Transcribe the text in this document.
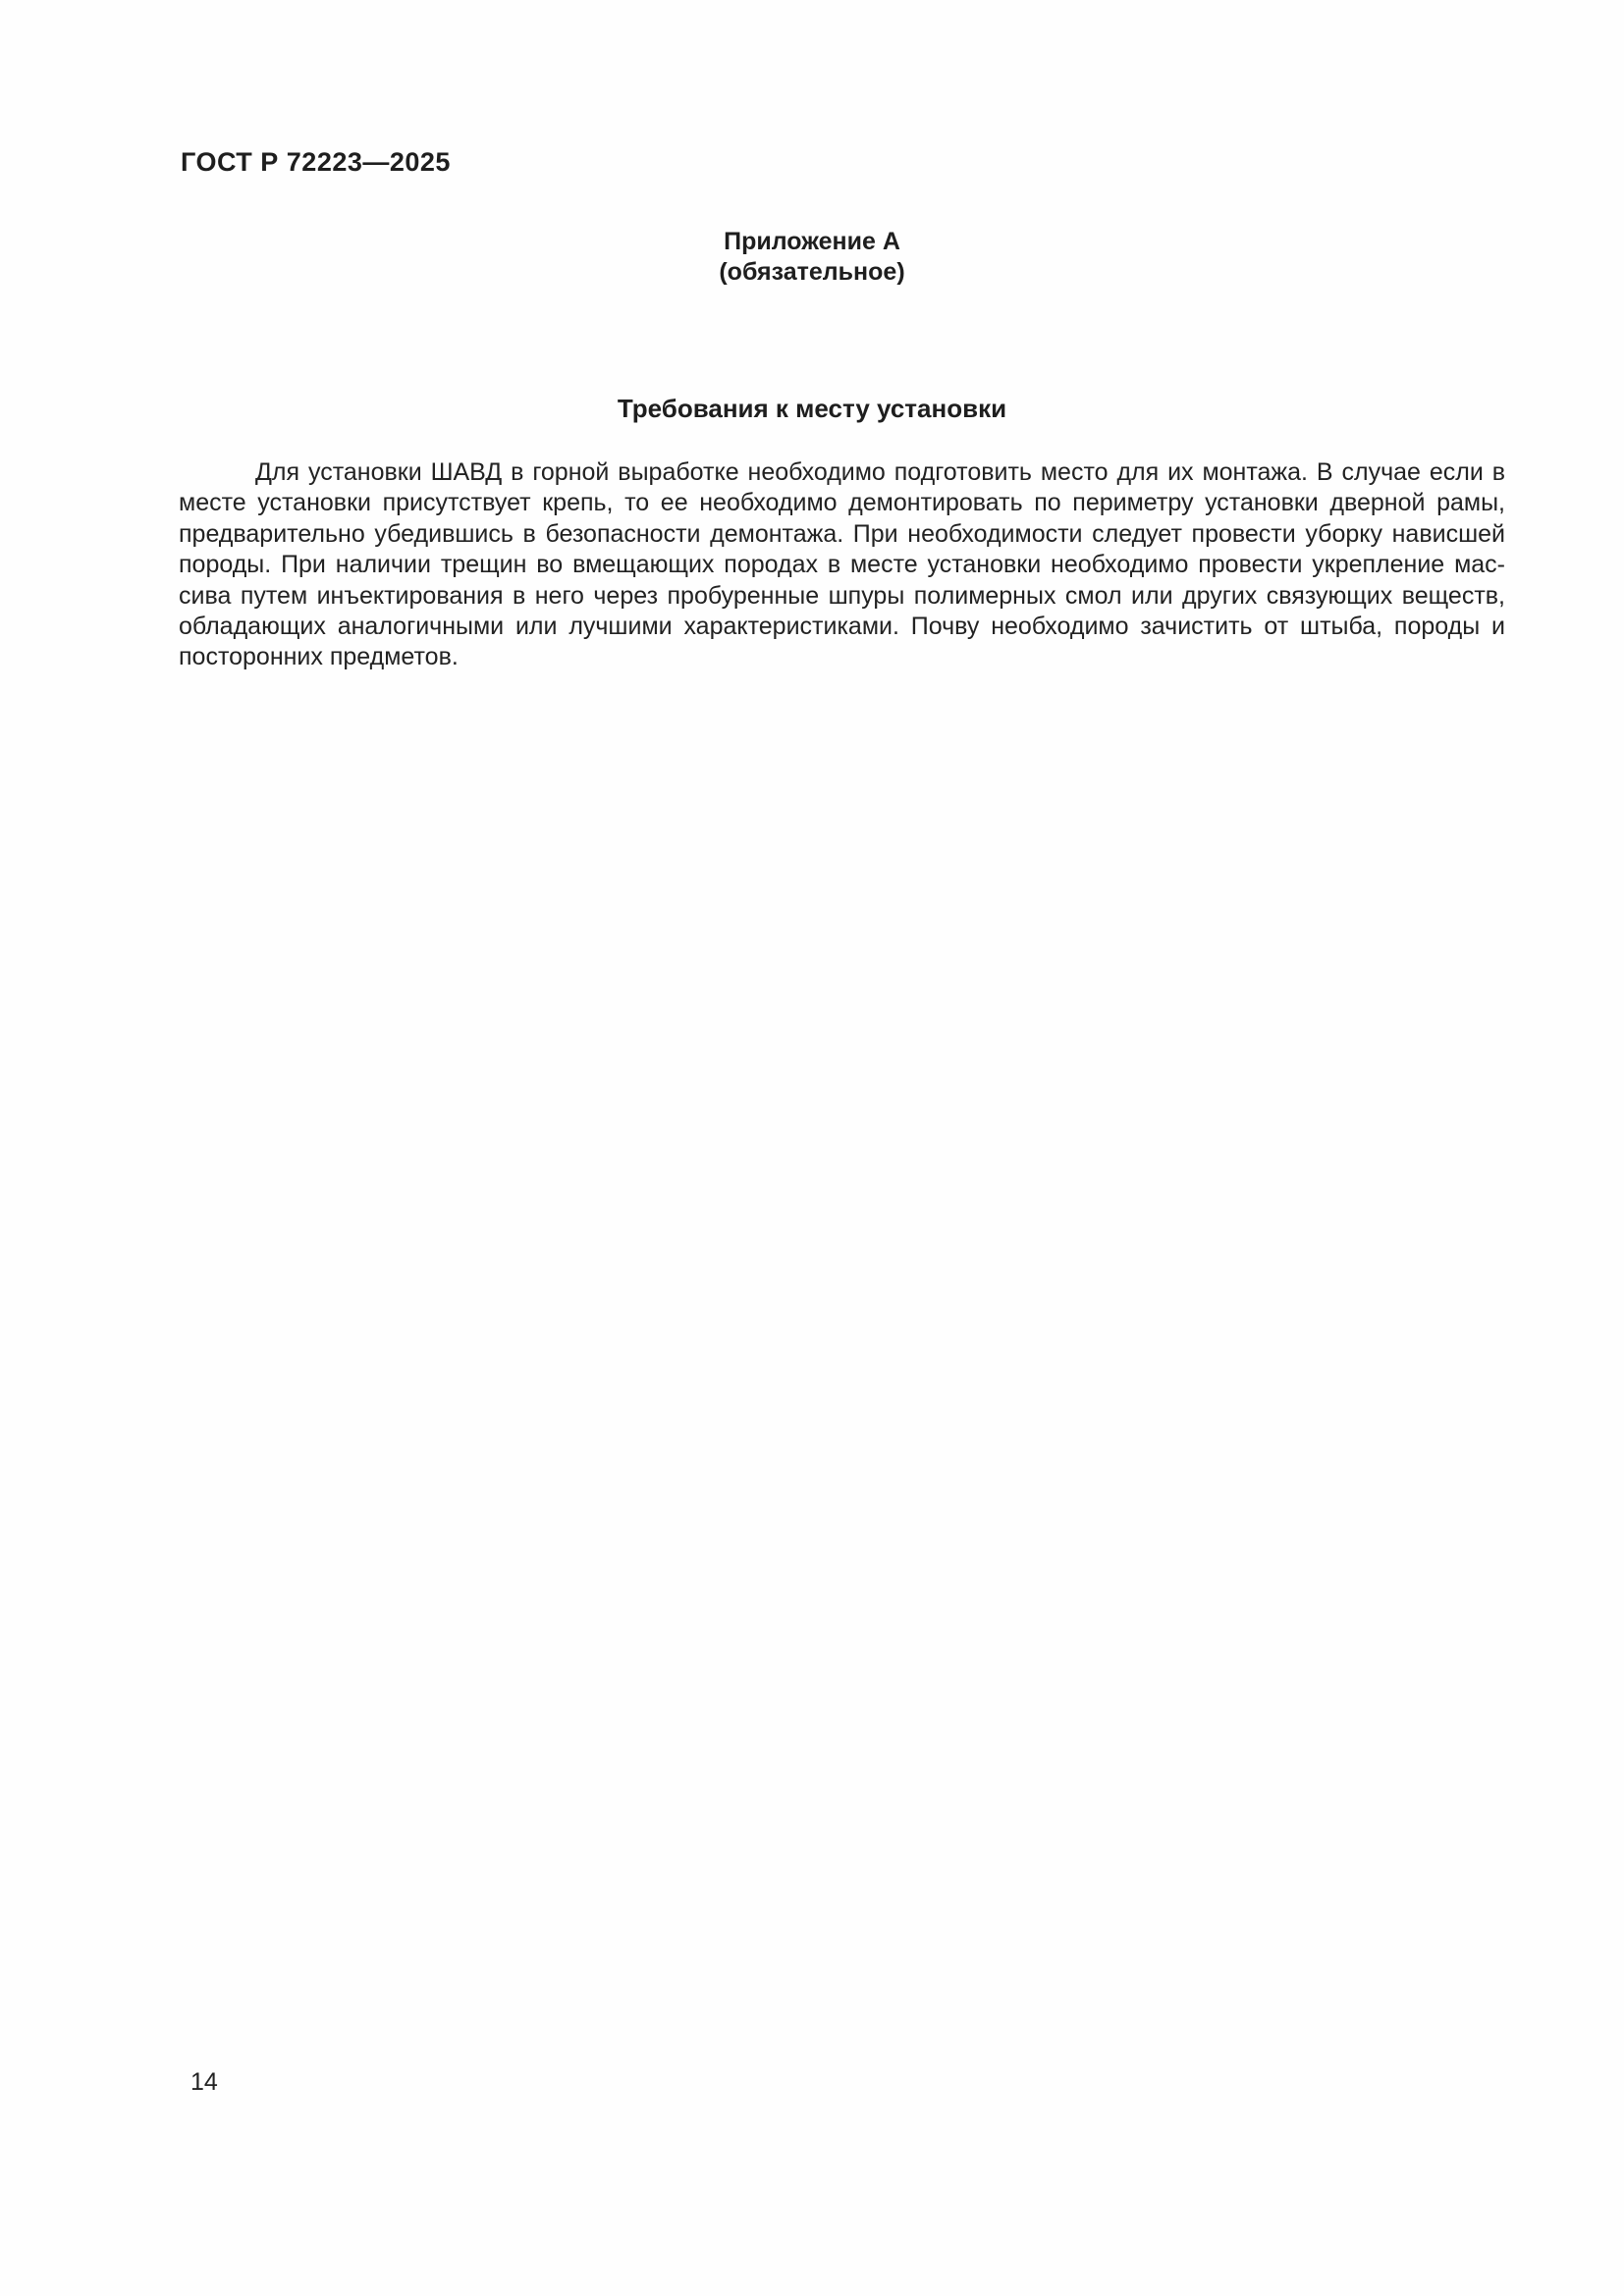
ГОСТ Р 72223—2025
Приложение А
(обязательное)
Требования к месту установки
Для установки ШАВД в горной выработке необходимо подготовить место для их монтажа. В случае если в
месте установки присутствует крепь, то ее необходимо демонтировать по периметру установки дверной рамы,
предварительно убедившись в безопасности демонтажа. При необходимости следует провести уборку нависшей
породы. При наличии трещин во вмещающих породах в месте установки необходимо провести укрепление мас-
сива путем инъектирования в него через пробуренные шпуры полимерных смол или других связующих веществ,
обладающих аналогичными или лучшими характеристиками. Почву необходимо зачистить от штыба, породы и
посторонних предметов.
14
